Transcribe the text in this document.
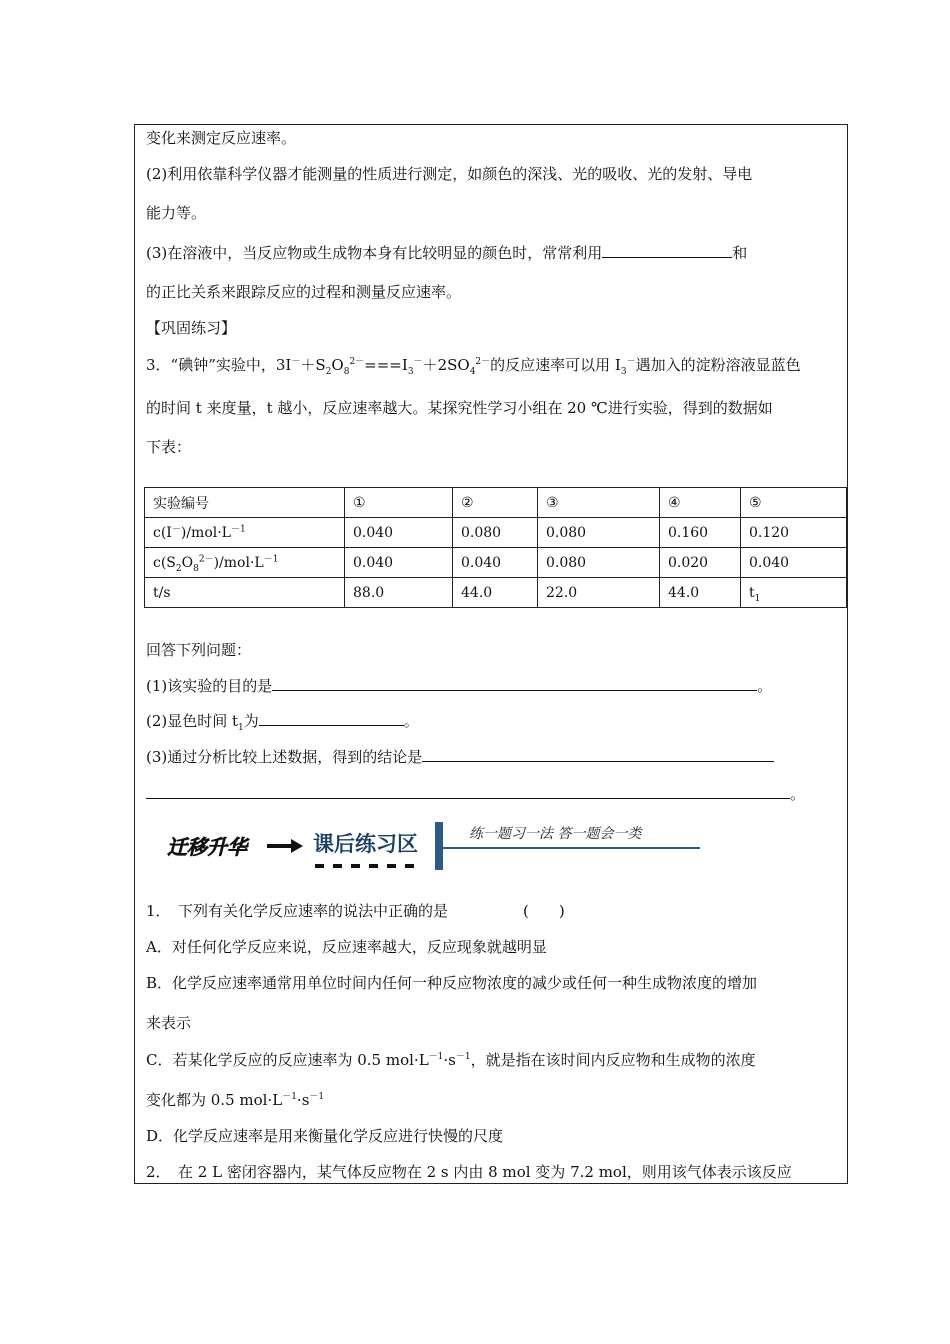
变化来测定反应速率。
(2)利用依靠科学仪器才能测量的性质进行测定，如颜色的深浅、光的吸收、光的发射、导电
能力等。
(3)在溶液中，当反应物或生成物本身有比较明显的颜色时，常常利用	和
的正比关系来跟踪反应的过程和测量反应速率。
【巩固练习】
3．“碘钟”实验中，$3I^-+S_2O_8^{2-}===I_3^-+2SO_4^{2-}$的反应速率可以用 $I_3^-$遇加入的淀粉溶液显蓝色
的时间 t 来度量，t 越小，反应速率越大。某探究性学习小组在 20 ℃进行实验，得到的数据如
下表：
实验编号	①	②	③	④	⑤
$c(I^-)/mol\cdot L^{-1}$	0.040	0.080	0.080	0.160	0.120
$c(S_2O_8^{2-})/mol\cdot L^{-1}$	0.040	0.040	0.080	0.020	0.040
t/s	88.0	44.0	22.0	44.0	$t_1$
回答下列问题：
(1)该实验的目的是	。
(2)显色时间 $t_1$为	。
(3)通过分析比较上述数据，得到的结论是
。
迁移升华	课后练习区	练一题习一法 答一题会一类
1．　下列有关化学反应速率的说法中正确的是　　　　　(　　)
A．对任何化学反应来说，反应速率越大，反应现象就越明显
B．化学反应速率通常用单位时间内任何一种反应物浓度的减少或任何一种生成物浓度的增加
来表示
C．若某化学反应的反应速率为 0.5 $mol\cdot L^{-1}\cdot s^{-1}$，就是指在该时间内反应物和生成物的浓度
变化都为 0.5 $mol\cdot L^{-1}\cdot s^{-1}$
D．化学反应速率是用来衡量化学反应进行快慢的尺度
2．　在 2 L 密闭容器内，某气体反应物在 2 s 内由 8 mol 变为 7.2 mol，则用该气体表示该反应
